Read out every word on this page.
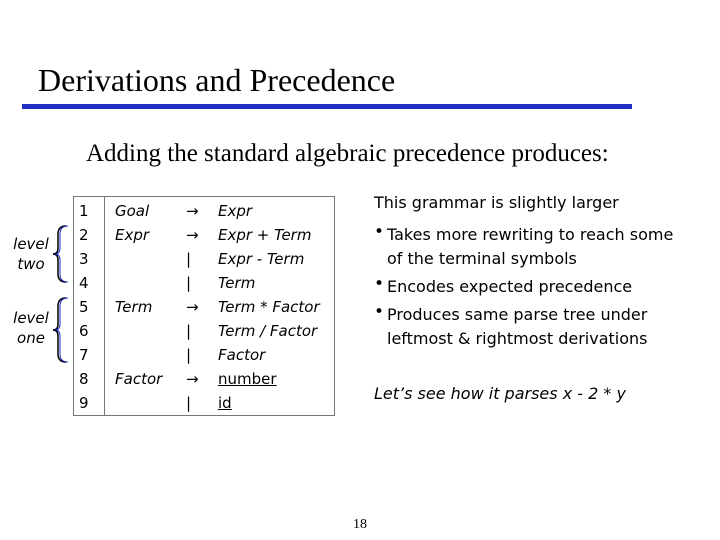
Derivations and Precedence
Adding the standard algebraic precedence produces:
1 Goal → Expr
2 Expr → Expr + Term
3	| Expr - Term
4	| Term
5 Term → Term * Factor
6	| Term / Factor
7	| Factor
8 Factor → number
9	| id
level
two
level
one
This grammar is slightly larger
• Takes more rewriting to reach some of the terminal symbols
• Encodes expected precedence
• Produces same parse tree under leftmost & rightmost derivations
Let’s see how it parses x - 2 * y
18
